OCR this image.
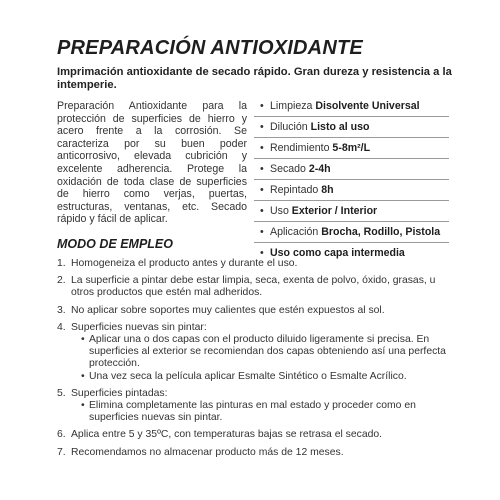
PREPARACIÓN ANTIOXIDANTE

Imprimación antioxidante de secado rápido. Gran dureza y resistencia a la intemperie.

Preparación Antioxidante para la protección de superficies de hierro y acero frente a la corrosión. Se caracteriza por su buen poder anticorrosivo, elevada cubrición y excelente adherencia. Protege la oxidación de toda clase de superficies de hierro como verjas, puertas, estructuras, ventanas, etc. Secado rápido y fácil de aplicar.

• Limpieza Disolvente Universal
• Dilución Listo al uso
• Rendimiento 5-8m²/L
• Secado 2-4h
• Repintado 8h
• Uso Exterior / Interior
• Aplicación Brocha, Rodillo, Pistola
• Uso como capa intermedia
MODO DE EMPLEO
1. Homogeneiza el producto antes y durante el uso.
2. La superficie a pintar debe estar limpia, seca, exenta de polvo, óxido, grasas, u otros productos que estén mal adheridos.
3. No aplicar sobre soportes muy calientes que estén expuestos al sol.
4. Superficies nuevas sin pintar:
• Aplicar una o dos capas con el producto diluido ligeramente si precisa. En superficies al exterior se recomiendan dos capas obteniendo así una perfecta protección.
• Una vez seca la película aplicar Esmalte Sintético o Esmalte Acrílico.
5. Superficies pintadas:
• Elimina completamente las pinturas en mal estado y proceder como en superficies nuevas sin pintar.
6. Aplica entre 5 y 35ºC, con temperaturas bajas se retrasa el secado.
7. Recomendamos no almacenar producto más de 12 meses.
